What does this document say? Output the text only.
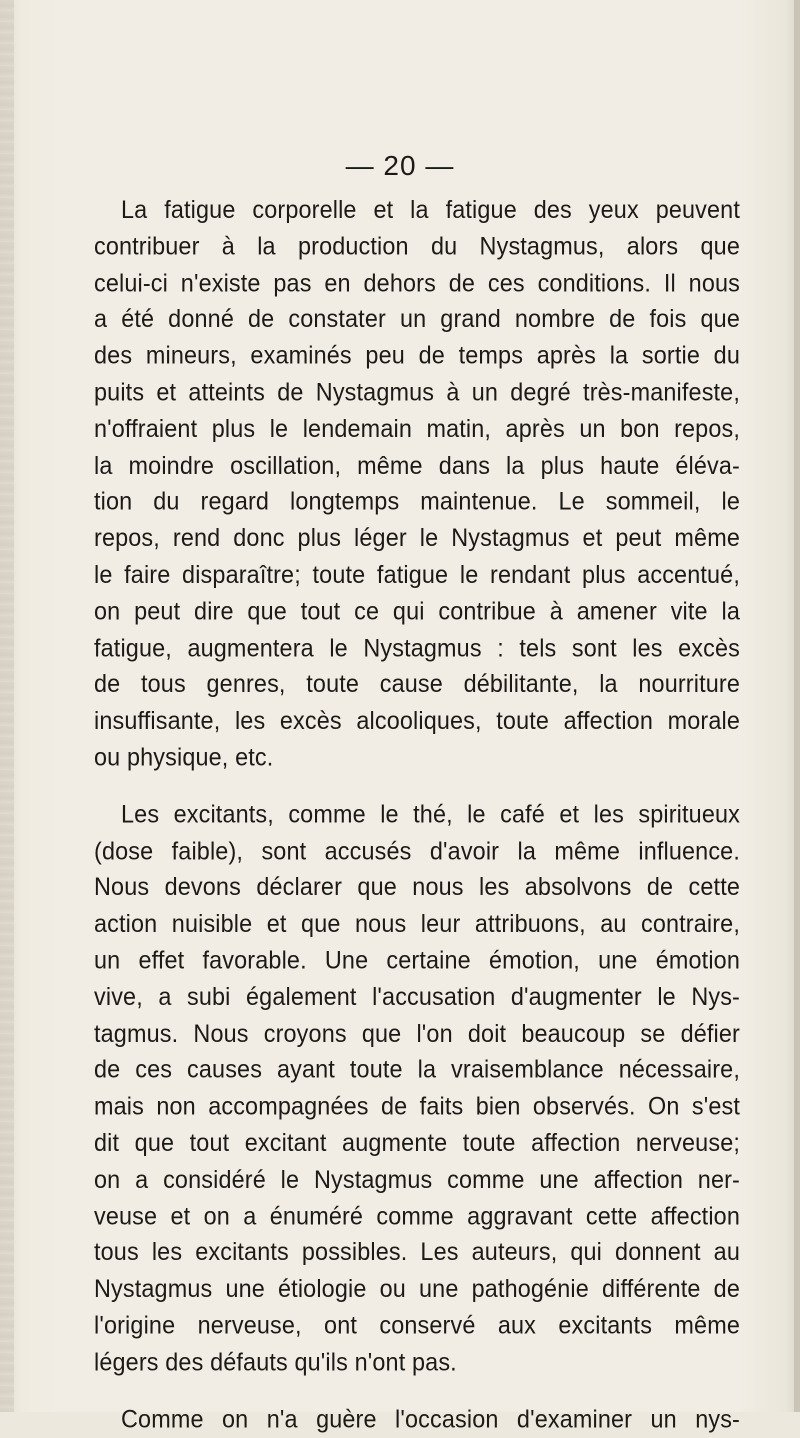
— 20 —
La fatigue corporelle et la fatigue des yeux peuvent
contribuer à la production du Nystagmus, alors que
celui-ci n'existe pas en dehors de ces conditions. Il nous
a été donné de constater un grand nombre de fois que
des mineurs, examinés peu de temps après la sortie du
puits et atteints de Nystagmus à un degré très-manifeste,
n'offraient plus le lendemain matin, après un bon repos,
la moindre oscillation, même dans la plus haute éléva-
tion du regard longtemps maintenue. Le sommeil, le
repos, rend donc plus léger le Nystagmus et peut même
le faire disparaître; toute fatigue le rendant plus accentué,
on peut dire que tout ce qui contribue à amener vite la
fatigue, augmentera le Nystagmus : tels sont les excès
de tous genres, toute cause débilitante, la nourriture
insuffisante, les excès alcooliques, toute affection morale
ou physique, etc.
Les excitants, comme le thé, le café et les spiritueux
(dose faible), sont accusés d'avoir la même influence.
Nous devons déclarer que nous les absolvons de cette
action nuisible et que nous leur attribuons, au contraire,
un effet favorable. Une certaine émotion, une émotion
vive, a subi également l'accusation d'augmenter le Nys-
tagmus. Nous croyons que l'on doit beaucoup se défier
de ces causes ayant toute la vraisemblance nécessaire,
mais non accompagnées de faits bien observés. On s'est
dit que tout excitant augmente toute affection nerveuse;
on a considéré le Nystagmus comme une affection ner-
veuse et on a énuméré comme aggravant cette affection
tous les excitants possibles. Les auteurs, qui donnent au
Nystagmus une étiologie ou une pathogénie différente de
l'origine nerveuse, ont conservé aux excitants même
légers des défauts qu'ils n'ont pas.
Comme on n'a guère l'occasion d'examiner un nys-
